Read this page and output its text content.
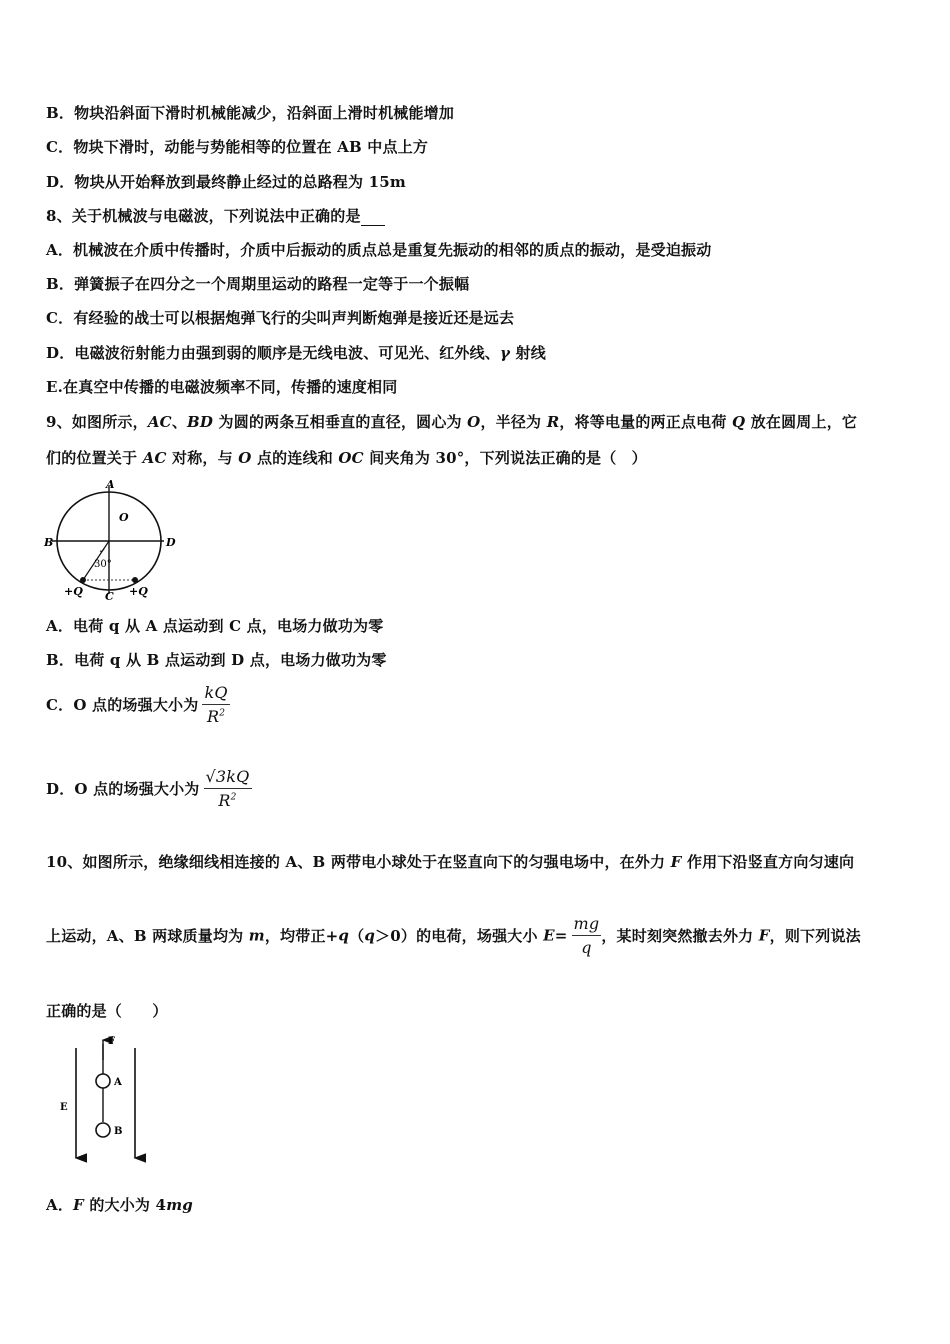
B．物块沿斜面下滑时机械能减少，沿斜面上滑时机械能增加
C．物块下滑时，动能与势能相等的位置在 AB 中点上方
D．物块从开始释放到最终静止经过的总路程为 15m
8、关于机械波与电磁波，下列说法中正确的是
A．机械波在介质中传播时，介质中后振动的质点总是重复先振动的相邻的质点的振动，是受迫振动
B．弹簧振子在四分之一个周期里运动的路程一定等于一个振幅
C．有经验的战士可以根据炮弹飞行的尖叫声判断炮弹是接近还是远去
D．电磁波衍射能力由强到弱的顺序是无线电波、可见光、红外线、γ 射线
E.在真空中传播的电磁波频率不同，传播的速度相同
9、如图所示，AC、BD 为圆的两条互相垂直的直径，圆心为 O，半径为 R，将等电量的两正点电荷 Q 放在圆周上，它
们的位置关于 AC 对称，与 O 点的连线和 OC 间夹角为 30°，下列说法正确的是（　）
A
O
B	D
30°
+Q	+Q
C
A．电荷 q 从 A 点运动到 C 点，电场力做功为零
B．电荷 q 从 B 点运动到 D 点，电场力做功为零
C．O 点的场强大小为 $\frac{kQ}{R^2}$
D．O 点的场强大小为 $\frac{√3kQ}{R^2}$
10、如图所示，绝缘细线相连接的 A、B 两带电小球处于在竖直向下的匀强电场中，在外力 F 作用下沿竖直方向匀速向
上运动，A、B 两球质量均为 m，均带正+q（q＞0）的电荷，场强大小 $E= \frac{mg}{q}$ ，某时刻突然撤去外力 F，则下列说法
正确的是（　　）
F
A
B
E
A．F 的大小为 4mg
